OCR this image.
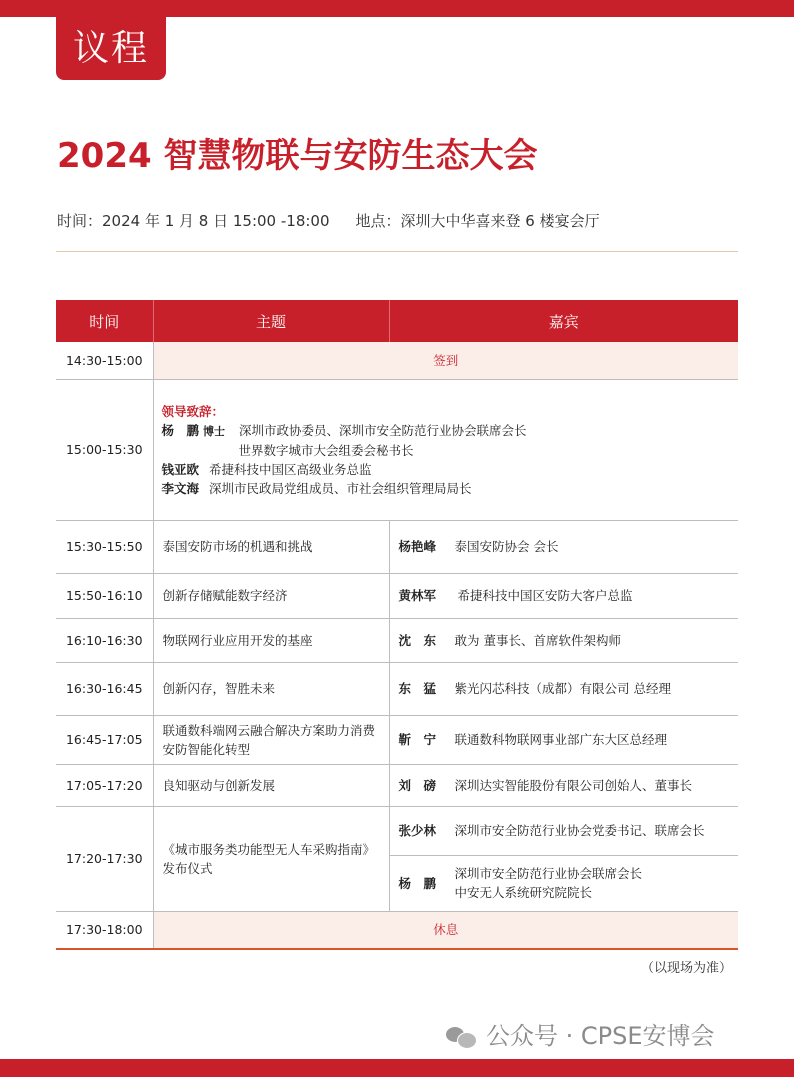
议程
2024 智慧物联与安防生态大会
时间：2024 年 1 月 8 日 15:00 -18:00 地点：深圳大中华喜来登 6 楼宴会厅
时间	主题	嘉宾
14:30-15:00	签到	
15:00-15:30	领导致辞：
杨　鹏 博士 深圳市政协委员、深圳市安全防范行业协会联席会长
世界数字城市大会组委会秘书长
钱亚欧 希捷科技中国区高级业务总监
李文海 深圳市民政局党组成员、市社会组织管理局局长	

15:30-15:50	泰国安防市场的机遇和挑战	杨艳峰 泰国安防协会 会长
15:50-16:10	创新存储赋能数字经济	黄林军 希捷科技中国区安防大客户总监
16:10-16:30	物联网行业应用开发的基座	沈　东 敢为 董事长、首席软件架构师
16:30-16:45	创新闪存，智胜未来	东　猛 紫光闪芯科技（成都）有限公司 总经理
16:45-17:05	联通数科端网云融合解决方案助力消费安防智能化转型	靳　宁 联通数科物联网事业部广东大区总经理
17:05-17:20	良知驱动与创新发展	刘　磅 深圳达实智能股份有限公司创始人、董事长
17:20-17:30	《城市服务类功能型无人车采购指南》发布仪式	张少林 深圳市安全防范行业协会党委书记、联席会长

		杨　鹏
深圳市安全防范行业协会联席会长
中安无人系统研究院院长

17:30-18:00	休息	
（以现场为准）
公众号 · CPSE安博会
